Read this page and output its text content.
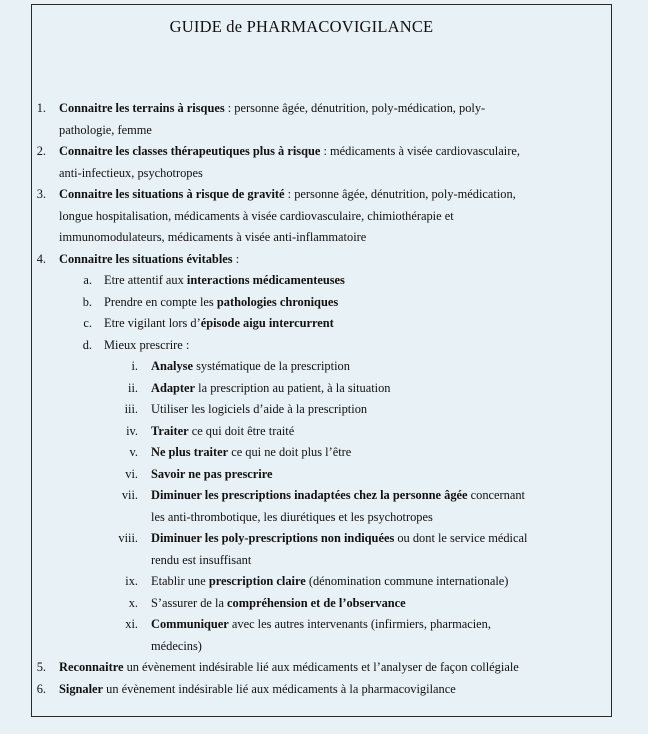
GUIDE de PHARMACOVIGILANCE
1. Connaitre les terrains à risques : personne âgée, dénutrition, poly-médication, poly-
pathologie, femme
2. Connaitre les classes thérapeutiques plus à risque : médicaments à visée cardiovasculaire,
anti-infectieux, psychotropes
3. Connaitre les situations à risque de gravité : personne âgée, dénutrition, poly-médication,
longue hospitalisation, médicaments à visée cardiovasculaire, chimiothérapie et
immunomodulateurs, médicaments à visée anti-inflammatoire
4. Connaitre les situations évitables :
a. Etre attentif aux interactions médicamenteuses
b. Prendre en compte les pathologies chroniques
c. Etre vigilant lors d’épisode aigu intercurrent
d. Mieux prescrire :
i. Analyse systématique de la prescription
ii. Adapter la prescription au patient, à la situation
iii. Utiliser les logiciels d’aide à la prescription
iv. Traiter ce qui doit être traité
v. Ne plus traiter ce qui ne doit plus l’être
vi. Savoir ne pas prescrire
vii. Diminuer les prescriptions inadaptées chez la personne âgée concernant
les anti-thrombotique, les diurétiques et les psychotropes
viii. Diminuer les poly-prescriptions non indiquées ou dont le service médical
rendu est insuffisant
ix. Etablir une prescription claire (dénomination commune internationale)
x. S’assurer de la compréhension et de l’observance
xi. Communiquer avec les autres intervenants (infirmiers, pharmacien,
médecins)
5. Reconnaitre un évènement indésirable lié aux médicaments et l’analyser de façon collégiale
6. Signaler un évènement indésirable lié aux médicaments à la pharmacovigilance
